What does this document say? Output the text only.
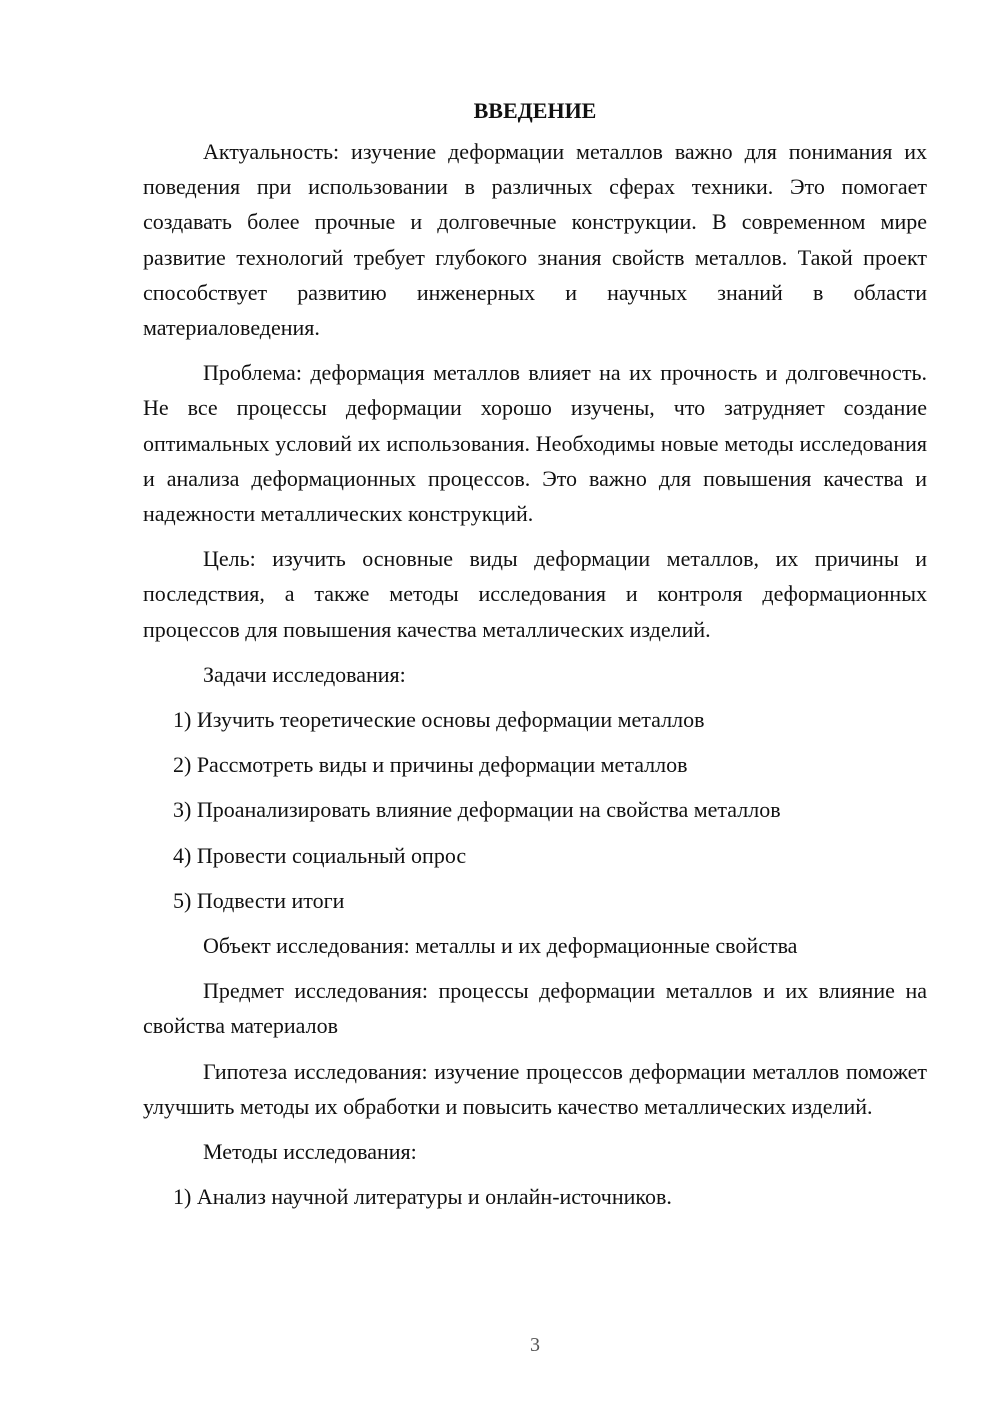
ВВЕДЕНИЕ

Актуальность: изучение деформации металлов важно для понимания их поведения при использовании в различных сферах техники. Это помогает создавать более прочные и долговечные конструкции. В современном мире развитие технологий требует глубокого знания свойств металлов. Такой проект способствует развитию инженерных и научных знаний в области материаловедения.

Проблема: деформация металлов влияет на их прочность и долговечность. Не все процессы деформации хорошо изучены, что затрудняет создание оптимальных условий их использования. Необходимы новые методы исследования и анализа деформационных процессов. Это важно для повышения качества и надежности металлических конструкций.

Цель: изучить основные виды деформации металлов, их причины и последствия, а также методы исследования и контроля деформационных процессов для повышения качества металлических изделий.

Задачи исследования:

1) Изучить теоретические основы деформации металлов
2) Рассмотреть виды и причины деформации металлов
3) Проанализировать влияние деформации на свойства металлов
4) Провести социальный опрос
5) Подвести итоги

Объект исследования: металлы и их деформационные свойства

Предмет исследования: процессы деформации металлов и их влияние на свойства материалов

Гипотеза исследования: изучение процессов деформации металлов поможет улучшить методы их обработки и повысить качество металлических изделий.

Методы исследования:

1) Анализ научной литературы и онлайн-источников.
3
